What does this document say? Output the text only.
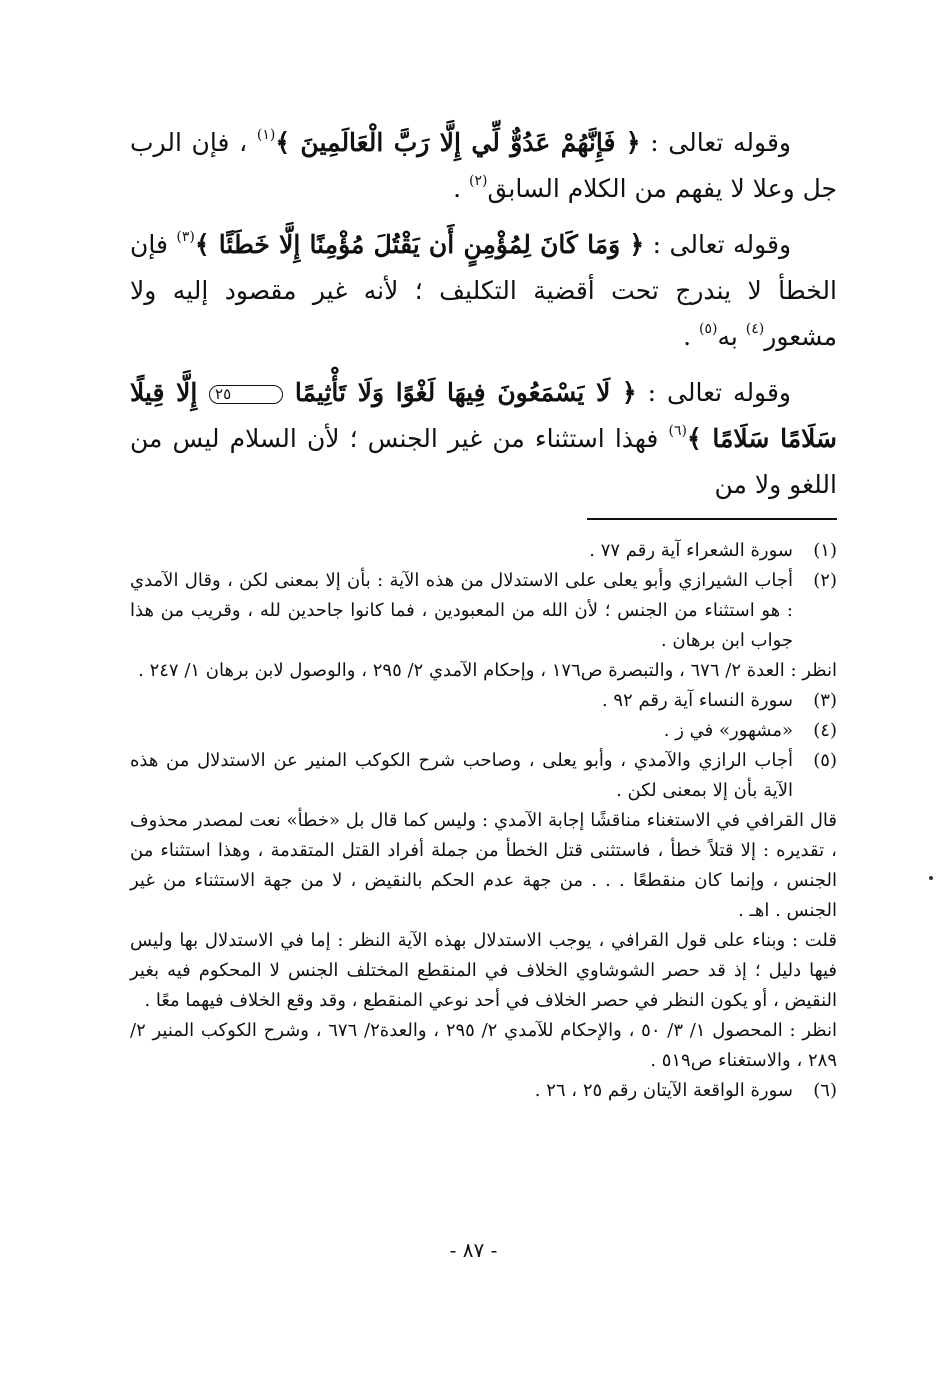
وقوله تعالى : ﴿ فَإِنَّهُمْ عَدُوٌّ لِّي إِلَّا رَبَّ الْعَالَمِينَ ﴾$^{(١)}$ ، فإن الرب جل وعلا لا يفهم من الكلام السابق$^{(٢)}$ .

وقوله تعالى : ﴿ وَمَا كَانَ لِمُؤْمِنٍ أَن يَقْتُلَ مُؤْمِنًا إِلَّا خَطَئًا ﴾$^{(٣)}$ فإن الخطأ لا يندرج تحت أقضية التكليف ؛ لأنه غير مقصود إليه ولا مشعور$^{(٤)}$ به$^{(٥)}$ .

وقوله تعالى : ﴿ لَا يَسْمَعُونَ فِيهَا لَغْوًا وَلَا تَأْثِيمًا ٢٥ إِلَّا قِيلًا سَلَامًا سَلَامًا ﴾$^{(٦)}$ فهذا استثناء من غير الجنس ؛ لأن السلام ليس من اللغو ولا من

(١)
سورة الشعراء آية رقم ٧٧ .

(٢)
أجاب الشيرازي وأبو يعلى على الاستدلال من هذه الآية : بأن إلا بمعنى لكن ، وقال الآمدي : هو استثناء من الجنس ؛ لأن الله من المعبودين ، فما كانوا جاحدين لله ، وقريب من هذا جواب ابن برهان .
انظر : العدة ٢/ ٦٧٦ ، والتبصرة ص١٧٦ ، وإحكام الآمدي ٢/ ٢٩٥ ، والوصول لابن برهان ١/ ٢٤٧ .

(٣)
سورة النساء آية رقم ٩٢ .

(٤)
«مشهور» في ز .

(٥)
أجاب الرازي والآمدي ، وأبو يعلى ، وصاحب شرح الكوكب المنير عن الاستدلال من هذه الآية بأن إلا بمعنى لكن .
قال القرافي في الاستغناء مناقشًا إجابة الآمدي : وليس كما قال بل «خطأ» نعت لمصدر محذوف ، تقديره : إلا قتلاً خطأ ، فاستثنى قتل الخطأ من جملة أفراد القتل المتقدمة ، وهذا استثناء من الجنس ، وإنما كان منقطعًا . . . من جهة عدم الحكم بالنقيض ، لا من جهة الاستثناء من غير الجنس . اهـ .
قلت : وبناء على قول القرافي ، يوجب الاستدلال بهذه الآية النظر : إما في الاستدلال بها وليس فيها دليل ؛ إذ قد حصر الشوشاوي الخلاف في المنقطع المختلف الجنس لا المحكوم فيه بغير النقيض ، أو يكون النظر في حصر الخلاف في أحد نوعي المنقطع ، وقد وقع الخلاف فيهما معًا .
انظر : المحصول ١/ ٣/ ٥٠ ، والإحكام للآمدي ٢/ ٢٩٥ ، والعدة٢/ ٦٧٦ ، وشرح الكوكب المنير ٢/ ٢٨٩ ، والاستغناء ص٥١٩ .

(٦)
سورة الواقعة الآيتان رقم ٢٥ ، ٢٦ .

- ٨٧ -
